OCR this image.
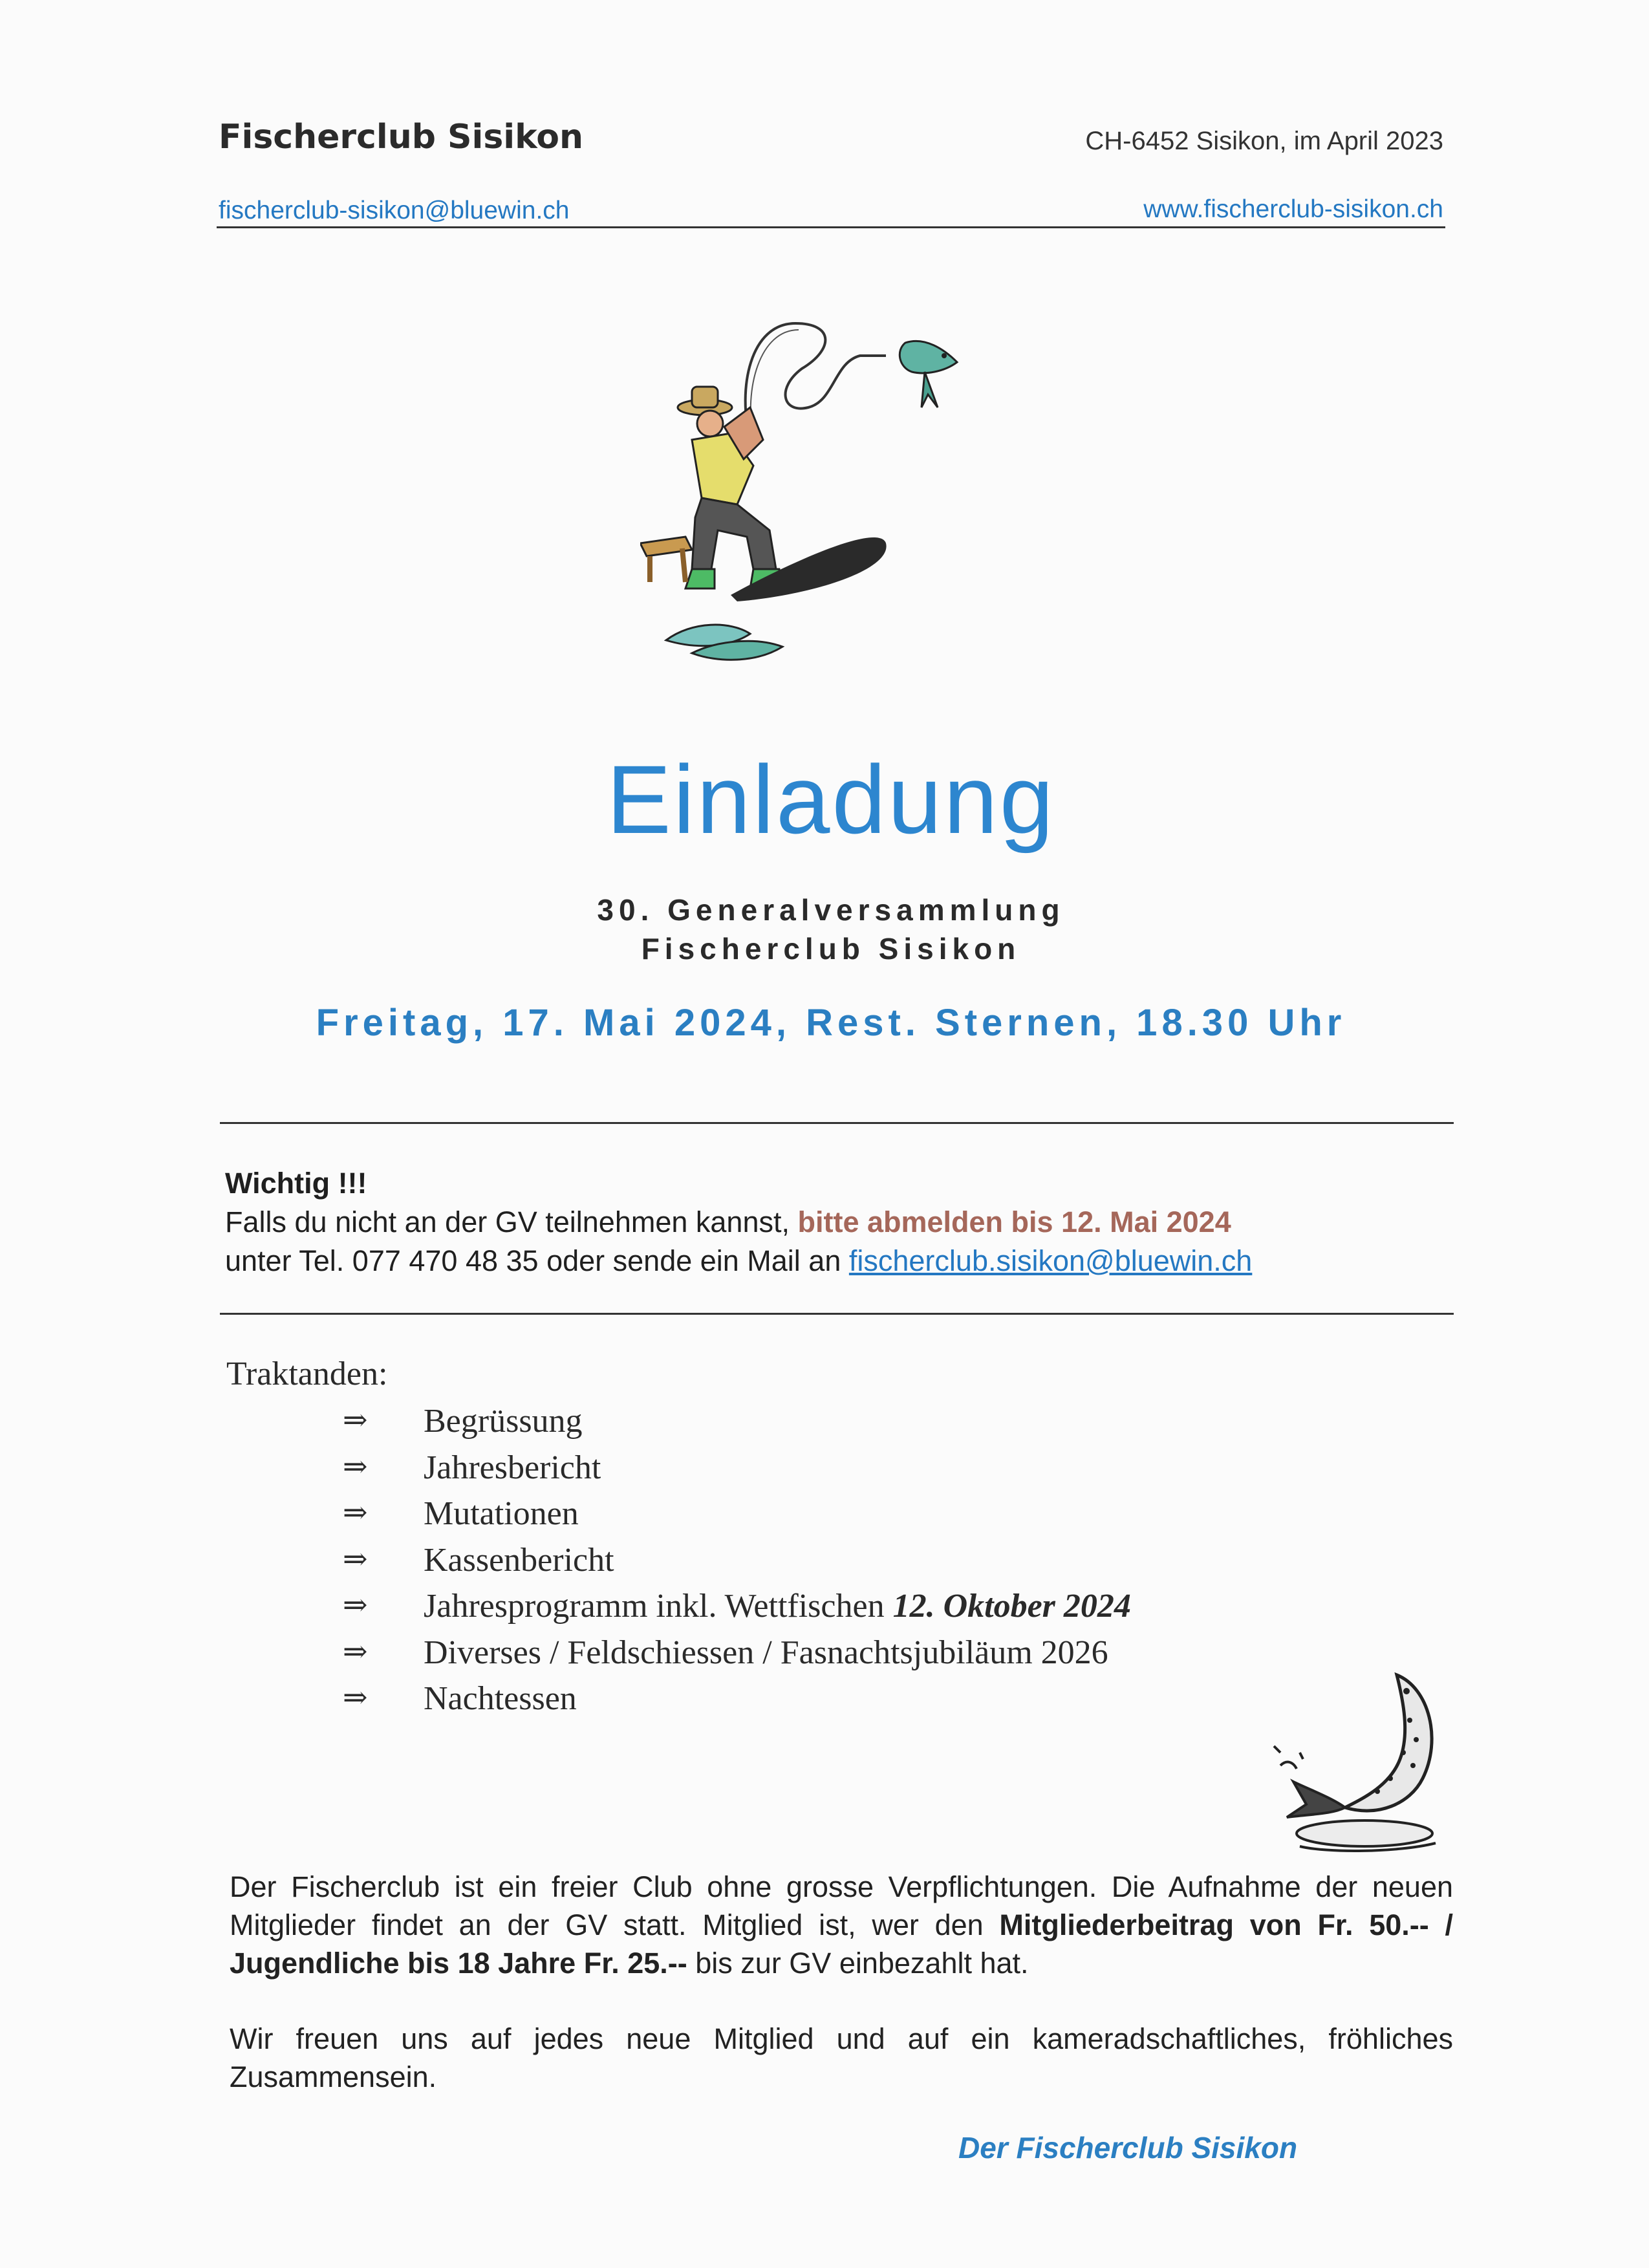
Fischerclub Sisikon	CH-6452 Sisikon, im April 2023
fischerclub-sisikon@bluewin.ch	www.fischerclub-sisikon.ch
Einladung
30. Generalversammlung
Fischerclub Sisikon
Freitag, 17. Mai 2024, Rest. Sternen, 18.30 Uhr
Wichtig !!!
Falls du nicht an der GV teilnehmen kannst, bitte abmelden bis 12. Mai 2024
unter Tel. 077 470 48 35 oder sende ein Mail an fischerclub.sisikon@bluewin.ch
Traktanden:
⇒	Begrüssung
⇒	Jahresbericht
⇒	Mutationen
⇒	Kassenbericht
⇒	Jahresprogramm inkl. Wettfischen 12. Oktober 2024
⇒	Diverses / Feldschiessen / Fasnachtsjubiläum 2026
⇒	Nachtessen
Der Fischerclub ist ein freier Club ohne grosse Verpflichtungen. Die Aufnahme der neuen Mitglieder findet an der GV statt. Mitglied ist, wer den Mitgliederbeitrag von Fr. 50.-- / Jugendliche bis 18 Jahre Fr. 25.-- bis zur GV einbezahlt hat.
Wir freuen uns auf jedes neue Mitglied und auf ein kameradschaftliches, fröhliches Zusammensein.
Der Fischerclub Sisikon
